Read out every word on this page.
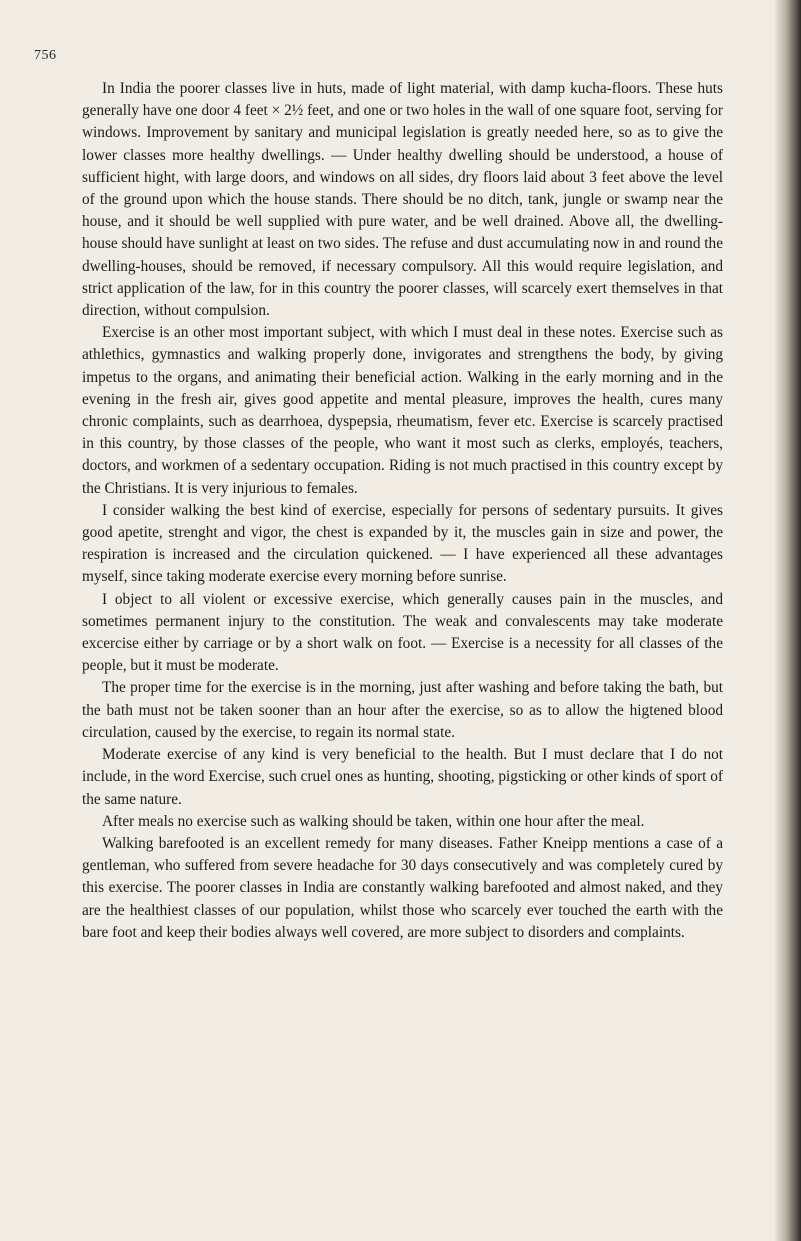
756

In India the poorer classes live in huts, made of light material, with damp kucha-floors. These huts generally have one door 4 feet × 2½ feet, and one or two holes in the wall of one square foot, serving for windows. Improvement by sanitary and municipal legislation is greatly needed here, so as to give the lower classes more healthy dwellings. — Under healthy dwelling should be understood, a house of sufficient hight, with large doors, and windows on all sides, dry floors laid about 3 feet above the level of the ground upon which the house stands. There should be no ditch, tank, jungle or swamp near the house, and it should be well supplied with pure water, and be well drained. Above all, the dwelling-house should have sunlight at least on two sides. The refuse and dust accumulating now in and round the dwelling-houses, should be removed, if necessary compulsory. All this would require legislation, and strict application of the law, for in this country the poorer classes, will scarcely exert themselves in that direction, without compulsion.

Exercise is an other most important subject, with which I must deal in these notes. Exercise such as athlethics, gymnastics and walking properly done, invigorates and strengthens the body, by giving impetus to the organs, and animating their beneficial action. Walking in the early morning and in the evening in the fresh air, gives good appetite and mental pleasure, improves the health, cures many chronic complaints, such as dearrhoea, dyspepsia, rheumatism, fever etc. Exercise is scarcely practised in this country, by those classes of the people, who want it most such as clerks, employés, teachers, doctors, and workmen of a sedentary occupation. Riding is not much practised in this country except by the Christians. It is very injurious to females.

I consider walking the best kind of exercise, especially for persons of sedentary pursuits. It gives good apetite, strenght and vigor, the chest is expanded by it, the muscles gain in size and power, the respiration is increased and the circulation quickened. — I have experienced all these advantages myself, since taking moderate exercise every morning before sunrise.

I object to all violent or excessive exercise, which generally causes pain in the muscles, and sometimes permanent injury to the constitution. The weak and convalescents may take moderate excercise either by carriage or by a short walk on foot. — Exercise is a necessity for all classes of the people, but it must be moderate.

The proper time for the exercise is in the morning, just after washing and before taking the bath, but the bath must not be taken sooner than an hour after the exercise, so as to allow the higtened blood circulation, caused by the exercise, to regain its normal state.

Moderate exercise of any kind is very beneficial to the health. But I must declare that I do not include, in the word Exercise, such cruel ones as hunting, shooting, pigsticking or other kinds of sport of the same nature.

After meals no exercise such as walking should be taken, within one hour after the meal.

Walking barefooted is an excellent remedy for many diseases. Father Kneipp mentions a case of a gentleman, who suffered from severe headache for 30 days consecutively and was completely cured by this exercise. The poorer classes in India are constantly walking barefooted and almost naked, and they are the healthiest classes of our population, whilst those who scarcely ever touched the earth with the bare foot and keep their bodies always well covered, are more subject to disorders and complaints.
